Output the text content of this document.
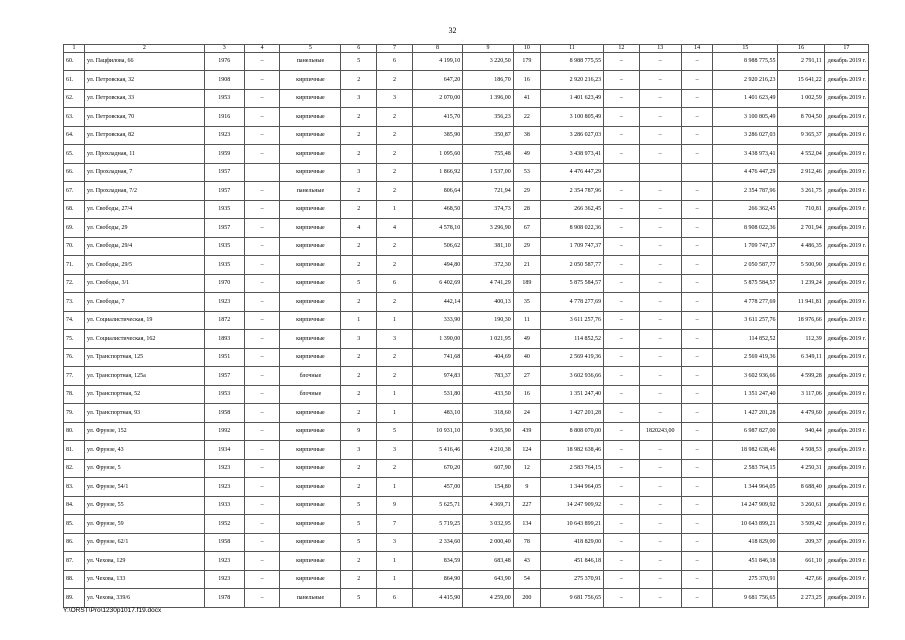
32
1	2	3	4	5	6	7	8	9	10	11	12	13	14	15	16	17
60.	ул. Пацфилова, 66	1976	–	панельные	5	6	4 199,10	3 220,50	179	8 988 775,55	–	–	–	8 988 775,55	2 791,11	декабрь 2019 г.
61.	ул. Петровская, 32	1908	–	кирпичные	2	2	647,20	186,70	16	2 920 216,23	–	–	–	2 920 216,23	15 641,22	декабрь 2019 г.
62.	ул. Петровская, 33	1953	–	кирпичные	3	3	2 070,00	1 396,00	41	1 401 623,49	–	–	–	1 401 623,49	1 002,59	декабрь 2019 г.
63.	ул. Петровская, 70	1916	–	кирпичные	2	2	415,70	356,23	22	3 100 805,49	–	–	–	3 100 805,49	8 704,50	декабрь 2019 г.
64.	ул. Петровская, 82	1923	–	кирпичные	2	2	385,90	350,87	38	3 286 027,03	–	–	–	3 286 027,03	9 365,37	декабрь 2019 г.
65.	ул. Прохладная, 11	1959	–	кирпичные	2	2	1 095,60	755,48	49	3 438 973,41	–	–	–	3 438 973,41	4 552,04	декабрь 2019 г.
66.	ул. Прохладная, 7	1957		кирпичные	3	2	1 866,92	1 537,00	53	4 476 447,29				4 476 447,29	2 912,46	декабрь 2019 г.
67.	ул. Прохладная, 7/2	1957	–	панельные	2	2	806,64	721,94	29	2 354 787,96	–	–	–	2 354 787,96	3 261,75	декабрь 2019 г.
68.	ул. Свободы, 27/4	1935	–	кирпичные	2	1	468,50	374,73	28	266 362,45	–	–	–	266 362,45	710,81	декабрь 2019 г.
69.	ул. Свободы, 29	1957	–	кирпичные	4	4	4 578,10	3 296,90	67	8 908 022,36	–	–	–	8 908 022,36	2 701,94	декабрь 2019 г.
70.	ул. Свободы, 29/4	1935	–	кирпичные	2	2	506,62	381,10	29	1 709 747,37	–	–	–	1 709 747,37	4 486,35	декабрь 2019 г.
71.	ул. Свободы, 29/5	1935	–	кирпичные	2	2	494,80	372,30	21	2 050 587,77	–	–	–	2 050 587,77	5 500,90	декабрь 2019 г.
72.	ул. Свободы, 3/1	1970	–	кирпичные	5	6	6 402,69	4 741,29	189	5 875 584,57	–	–	–	5 875 584,57	1 239,24	декабрь 2019 г.
73.	ул. Свободы, 7	1923	–	кирпичные	2	2	442,14	400,13	35	4 778 277,69	–	–	–	4 778 277,69	11 941,81	декабрь 2019 г.
74.	ул. Социалистическая, 19	1872	–	кирпичные	1	1	333,90	190,30	11	3 611 257,76	–	–	–	3 611 257,76	18 976,66	декабрь 2019 г.
75.	ул. Социалистическая, 162	1893	–	кирпичные	3	3	1 390,00	1 021,95	49	114 852,52	–	–	–	114 852,52	112,39	декабрь 2019 г.
76.	ул. Транспортная, 125	1951	–	кирпичные	2	2	741,68	404,69	40	2 569 419,36	–	–	–	2 569 419,36	6 349,11	декабрь 2019 г.
77.	ул. Транспортная, 125а	1957	–	блочные	2	2	974,83	783,37	27	3 602 936,66	–	–	–	3 602 936,66	4 599,28	декабрь 2019 г.
78.	ул. Транспортная, 52	1953	–	блочные	2	1	531,80	433,50	16	1 351 247,40	–	–	–	1 351 247,40	3 117,06	декабрь 2019 г.
79.	ул. Транспортная, 93	1958	–	кирпичные	2	1	483,10	318,60	24	1 427 201,28	–	–	–	1 427 201,28	4 479,60	декабрь 2019 г.
80.	ул. Фрунзе, 152	1992	–	кирпичные	9	5	10 931,10	9 365,90	439	8 808 070,00	–	1820243,00	–	6 987 827,00	940,44	декабрь 2019 г.
81.	ул. Фрунзе, 43	1934	–	кирпичные	3	3	5 416,46	4 210,38	124	18 982 638,46	–	–	–	18 982 638,46	4 508,53	декабрь 2019 г.
82.	ул. Фрунзе, 5	1923	–	кирпичные	2	2	670,20	607,90	12	2 583 764,15	–	–	–	2 583 764,15	4 250,31	декабрь 2019 г.
83.	ул. Фрунзе, 54/1	1923	–	кирпичные	2	1	457,00	154,80	9	1 344 964,05	–	–	–	1 344 964,05	8 688,40	декабрь 2019 г.
84.	ул. Фрунзе, 55	1933	–	кирпичные	5	9	5 625,71	4 369,71	227	14 247 909,92	–	–	–	14 247 909,92	3 260,61	декабрь 2019 г.
85.	ул. Фрунзе, 59	1952	–	кирпичные	5	7	5 719,25	3 032,95	134	10 643 899,21	–	–	–	10 643 899,21	3 509,42	декабрь 2019 г.
86.	ул. Фрунзе, 62/1	1958	–	кирпичные	5	3	2 334,60	2 000,40	78	418 829,00	–	–	–	418 829,00	209,37	декабрь 2019 г.
87.	ул. Чехова, 129	1923	–	кирпичные	2	1	834,59	683,48	43	451 846,18	–	–	–	451 846,18	661,10	декабрь 2019 г.
88.	ул. Чехова, 133	1923	–	кирпичные	2	1	864,90	643,90	54	275 370,91	–	–	–	275 370,91	427,66	декабрь 2019 г.
89.	ул. Чехова, 339/6	1978	–	панельные	5	6	4 415,90	4 259,00	200	9 681 756,65	–	–	–	9 681 756,65	2 273,25	декабрь 2019 г.
Y:\ORST\Pro\1230p1017.f19.docx
